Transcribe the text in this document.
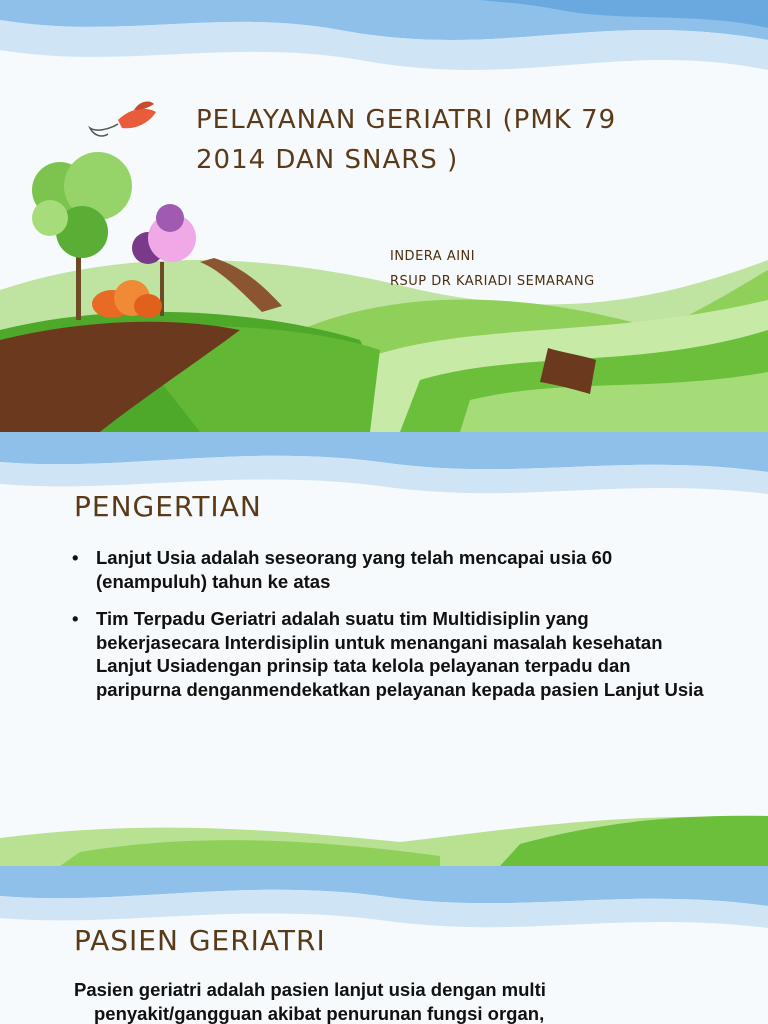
PELAYANAN GERIATRI (PMK 79 2014 DAN SNARS )
INDERA AINI
RSUP DR KARIADI SEMARANG
PENGERTIAN
• Lanjut Usia adalah seseorang yang telah mencapai usia 60 (enampuluh) tahun ke atas
• Tim Terpadu Geriatri adalah suatu tim Multidisiplin yang bekerjasecara Interdisiplin untuk menangani masalah kesehatan Lanjut Usiadengan prinsip tata kelola pelayanan terpadu dan paripurna denganmendekatkan pelayanan kepada pasien Lanjut Usia
PASIEN GERIATRI

Pasien geriatri adalah pasien lanjut usia dengan multi
penyakit/gangguan akibat penurunan fungsi organ,
